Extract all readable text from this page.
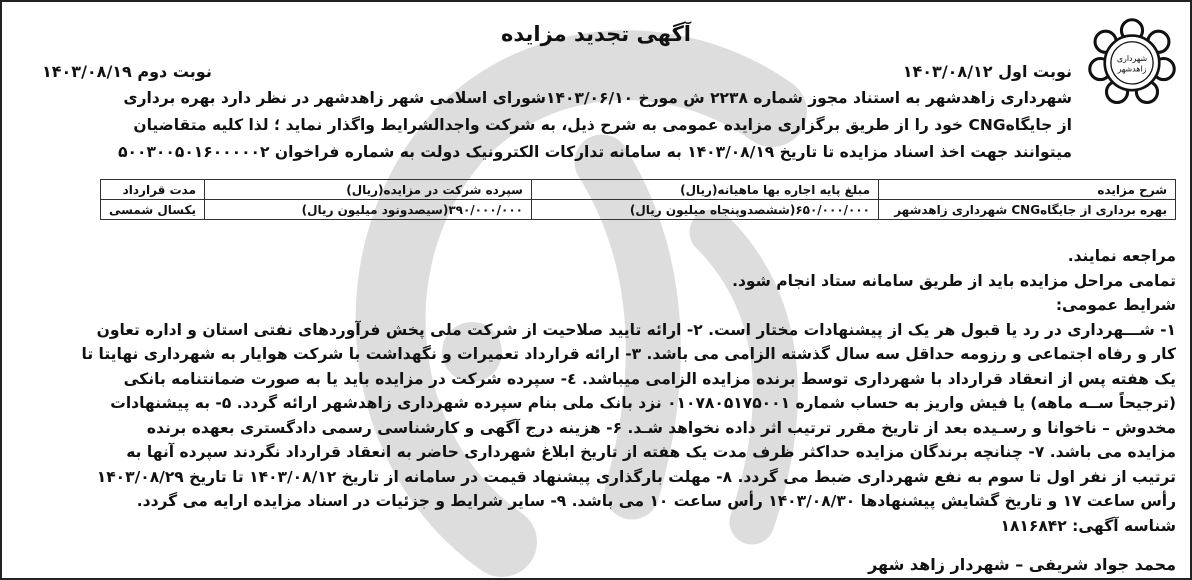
شهرداری
زاهدشهر
آگهی تجدید مزایده
نوبت اول ۱۴۰۳/۰۸/۱۲
نوبت دوم ۱۴۰۳/۰۸/۱۹
شهرداری زاهدشهر به استناد مجوز شماره ۲۲۳۸ ش مورخ ۱۴۰۳/۰۶/۱۰شورای اسلامی شهر زاهدشهر در نظر دارد بهره برداری
از جایگاهCNG خود را از طریق برگزاری مزایده عمومی به شرح ذیل، به شرکت واجدالشرایط واگذار نماید ؛ لذا کلیه متقاضیان
میتوانند جهت اخذ اسناد مزایده تا تاریخ ۱۴۰۳/۰۸/۱۹ به سامانه تدارکات الکترونیک دولت به شماره فراخوان ۵۰۰۳۰۰۵۰۱۶۰۰۰۰۰۲
شرح مزایده	مبلغ پایه اجاره بها ماهیانه(ریال)	سپرده شرکت در مزایده(ریال)	مدت قرارداد
بهره برداری از جایگاهCNG شهرداری زاهدشهر	۶۵۰/۰۰۰/۰۰۰(ششصدوپنجاه میلیون ریال)	۳۹۰/۰۰۰/۰۰۰(سیصدونود میلیون ریال)	یکسال شمسی
مراجعه نمایند.
تمامی مراحل مزایده باید از طریق سامانه ستاد انجام شود.
شرایط عمومی:
۱- شـــهرداری در رد یا قبول هر یک از پیشنهادات مختار است. ۲- ارائه تایید صلاحیت از شرکت ملی پخش فرآوردهای نفتی استان و اداره تعاون
کار و رفاه اجتماعی و رزومه حداقل سه سال گذشته الزامی می باشد. ۳- ارائه قرارداد تعمیرات و نگهداشت با شرکت هوایار به شهرداری نهایتا تا
یک هفته پس از انعقاد قرارداد با شهرداری توسط برنده مزایده الزامی میباشد. ٤- سپرده شرکت در مزایده باید یا به صورت ضمانتنامه بانکی
(ترجیحاً ســه ماهه) یا فیش واریز به حساب شماره ۰۱۰۷۸۰۵۱۷۵۰۰۱ نزد بانک ملی بنام سپرده شهرداری زاهدشهر ارائه گردد. ۵- به پیشنهادات
مخدوش – ناخوانا و رسـیده بعد از تاریخ مقرر ترتیب اثر داده نخواهد شـد. ۶- هزینه درج آگهی و کارشناسی رسمی دادگستری بعهده برنده
مزایده می باشد. ۷- چنانچه برندگان مزایده حداکثر ظرف مدت یک هفته از تاریخ ابلاغ شهرداری حاضر به انعقاد قرارداد نگردند سپرده آنها به
ترتیب از نفر اول تا سوم به نفع شهرداری ضبط می گردد. ۸- مهلت بارگذاری پیشنهاد قیمت در سامانه از تاریخ ۱۴۰۳/۰۸/۱۲ تا تاریخ ۱۴۰۳/۰۸/۲۹
رأس ساعت ۱۷ و تاریخ گشایش پیشنهادها ۱۴۰۳/۰۸/۳۰ رأس ساعت ۱۰ می باشد. ۹- سایر شرایط و جزئیات در اسناد مزایده ارایه می گردد.
شناسه آگهی: ۱۸۱۶۸۴۲
محمد جواد شریفی – شهردار زاهد شهر
